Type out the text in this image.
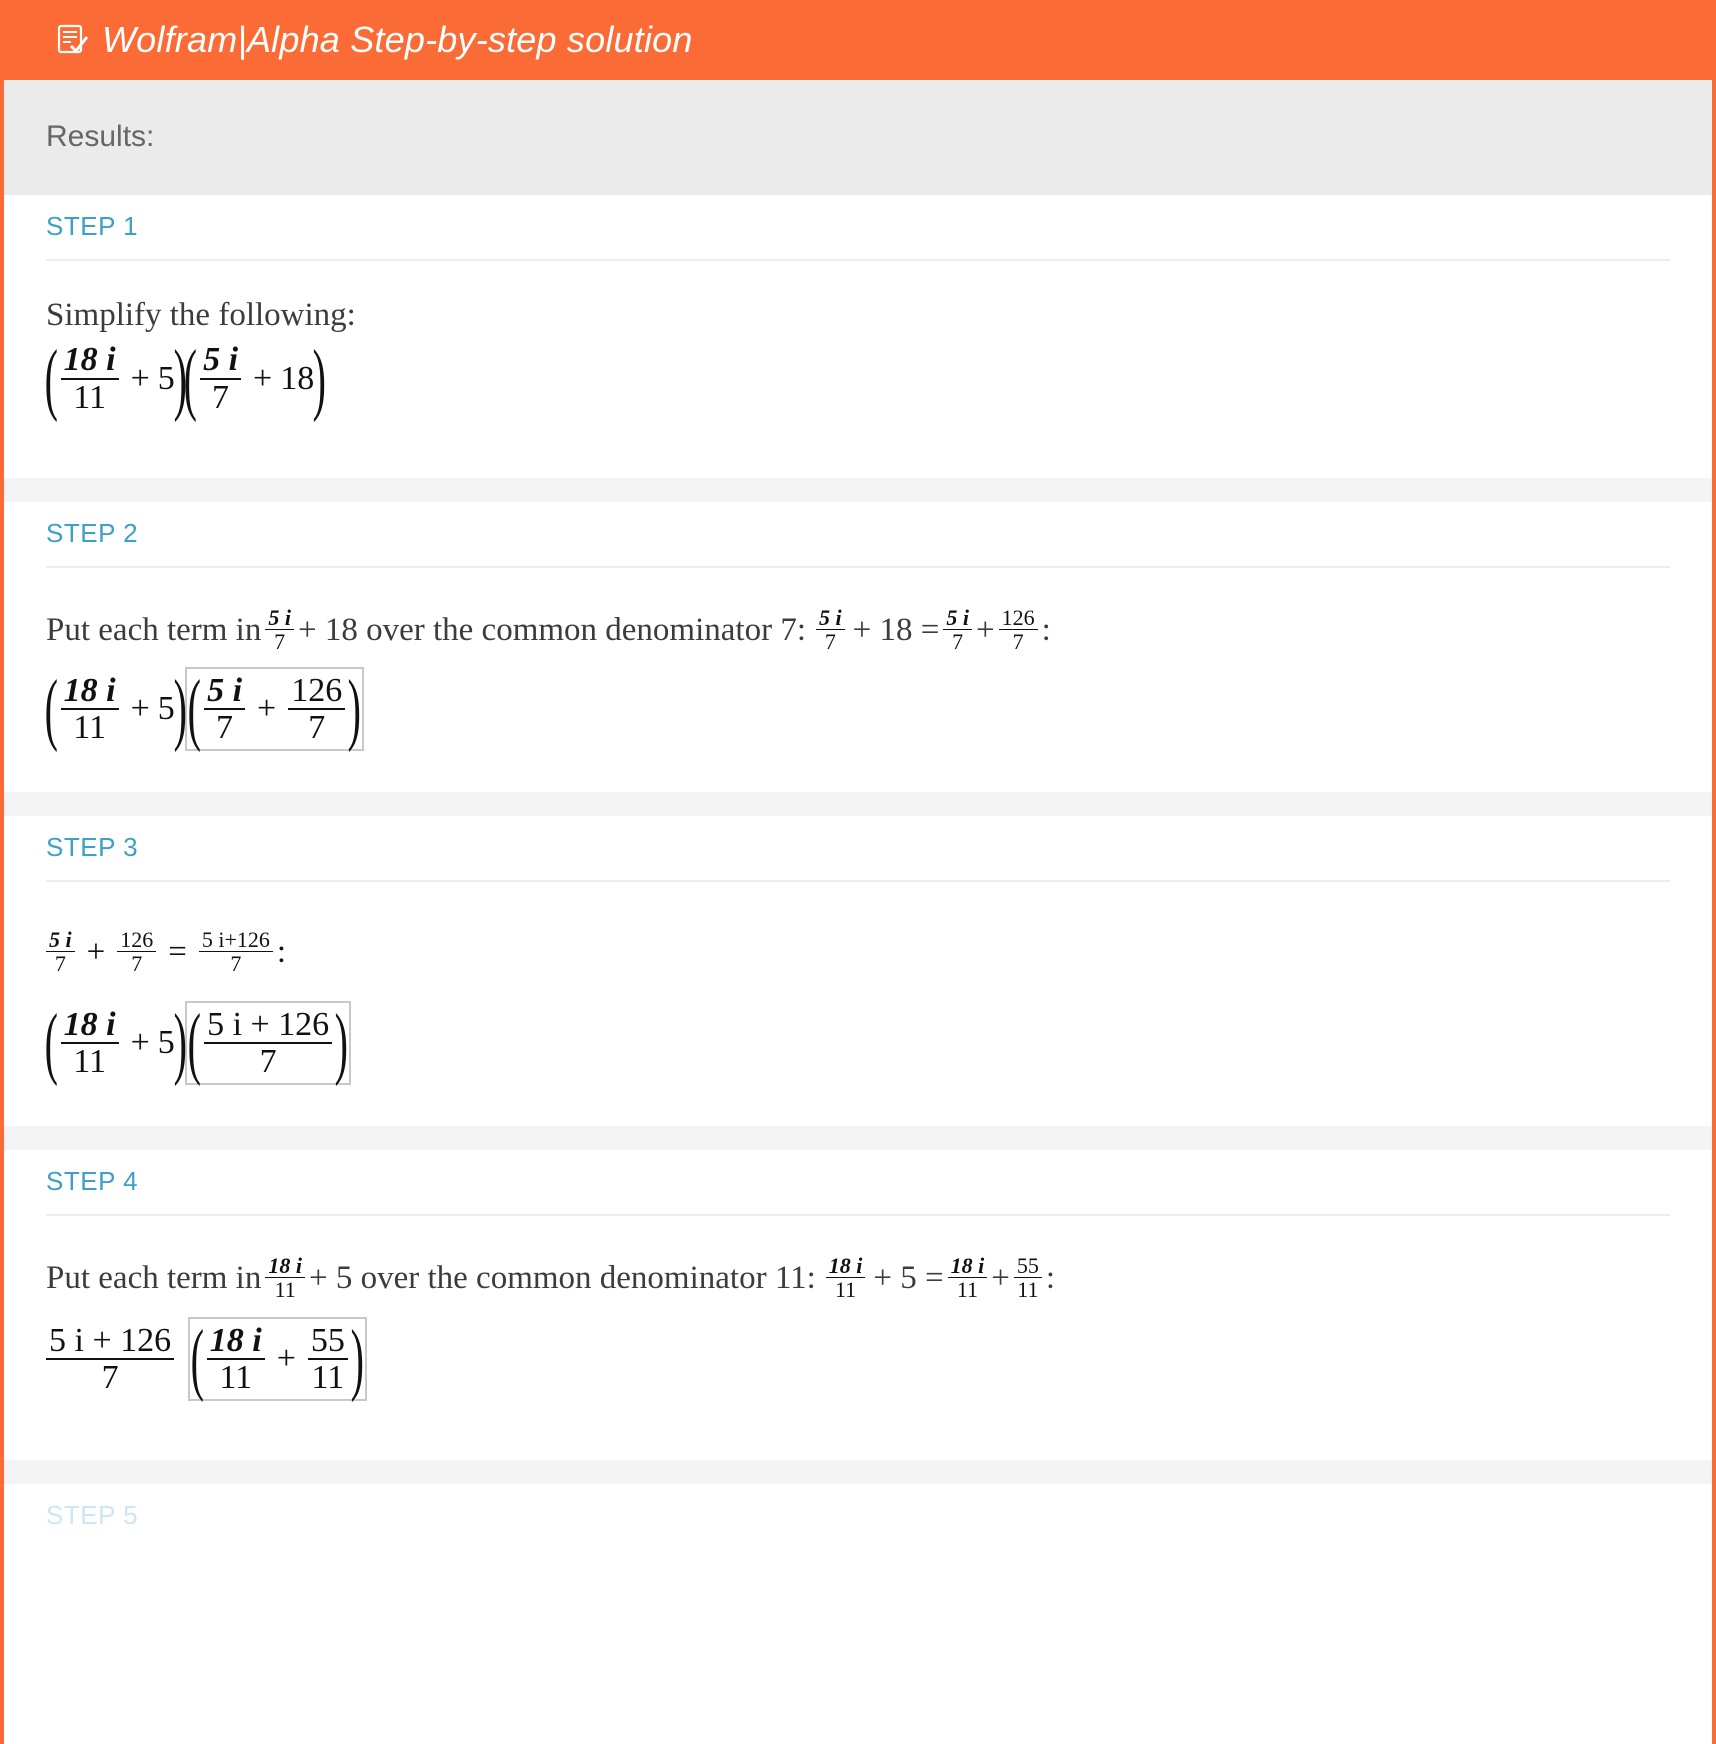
Wolfram|Alpha Step-by-step solution
Results:
STEP 1
Simplify the following:
( $\frac{18 i}{11} + 5$
)
( $\frac{5 i}{7} + 18$
)
STEP 2
Put each term in $\frac{5 i}{7} + 18$ over the common denominator 7: $\frac{5 i}{7} + 18 = \frac{5 i}{7} + \frac{126}{7}$ :
( $\frac{18 i}{11} + 5$
) ( $\frac{5 i}{7} + \frac{126}{7}$ )
STEP 3
$\frac{5 i}{7} + \frac{126}{7} = \frac{5 i+126}{7}$ :
( $\frac{18 i}{11} + 5$
) ( $\frac{5 i + 126}{7}$ )
STEP 4
Put each term in $\frac{18 i}{11} + 5$ over the common denominator 11: $\frac{18 i}{11} + 5 = \frac{18 i}{11} + \frac{55}{11}$ :
$\frac{5 i + 126}{7}$ ( $\frac{18 i}{11} + \frac{55}{11}$ )
STEP 5
